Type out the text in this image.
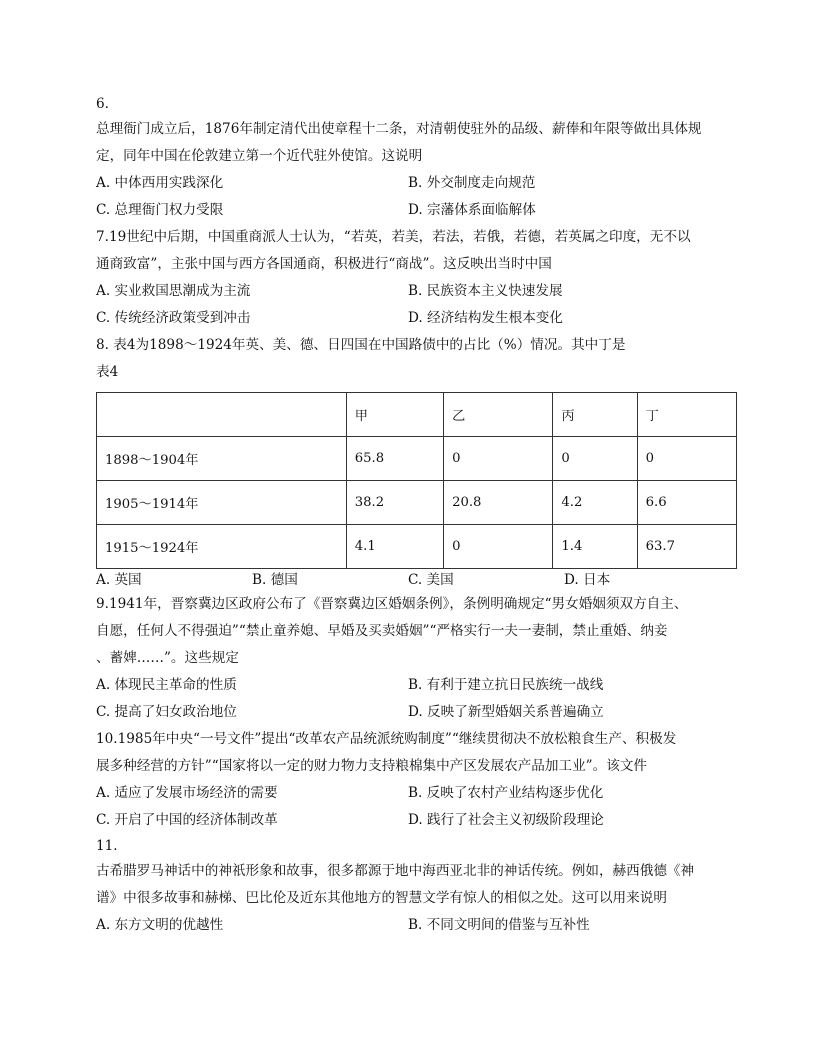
6.
总理衙门成立后，1876年制定清代出使章程十二条，对清朝使驻外的品级、薪俸和年限等做出具体规
定，同年中国在伦敦建立第一个近代驻外使馆。这说明
A. 中体西用实践深化	B. 外交制度走向规范
C. 总理衙门权力受限	D. 宗藩体系面临解体
7.19世纪中后期，中国重商派人士认为，“若英，若美，若法，若俄，若德，若英属之印度，无不以
通商致富”，主张中国与西方各国通商，积极进行“商战”。这反映出当时中国
A. 实业救国思潮成为主流	B. 民族资本主义快速发展
C. 传统经济政策受到冲击	D. 经济结构发生根本变化
8. 表4为1898～1924年英、美、德、日四国在中国路债中的占比（%）情况。其中丁是
表4
	甲	乙	丙	丁
1898～1904年	65.8	0	0	0
1905～1914年	38.2	20.8	4.2	6.6
1915～1924年	4.1	0	1.4	63.7
A. 英国	B. 德国	C. 美国	D. 日本
9.1941年，晋察冀边区政府公布了《晋察冀边区婚姻条例》，条例明确规定“男女婚姻须双方自主、
自愿，任何人不得强迫”“禁止童养媳、早婚及买卖婚姻”“严格实行一夫一妻制，禁止重婚、纳妾
、蓄婢……”。这些规定
A. 体现民主革命的性质	B. 有利于建立抗日民族统一战线
C. 提高了妇女政治地位	D. 反映了新型婚姻关系普遍确立
10.1985年中央“一号文件”提出“改革农产品统派统购制度”“继续贯彻决不放松粮食生产、积极发
展多种经营的方针”“国家将以一定的财力物力支持粮棉集中产区发展农产品加工业”。该文件
A. 适应了发展市场经济的需要	B. 反映了农村产业结构逐步优化
C. 开启了中国的经济体制改革	D. 践行了社会主义初级阶段理论
11.
古希腊罗马神话中的神祇形象和故事，很多都源于地中海西亚北非的神话传统。例如，赫西俄德《神
谱》中很多故事和赫梯、巴比伦及近东其他地方的智慧文学有惊人的相似之处。这可以用来说明
A. 东方文明的优越性	B. 不同文明间的借鉴与互补性
